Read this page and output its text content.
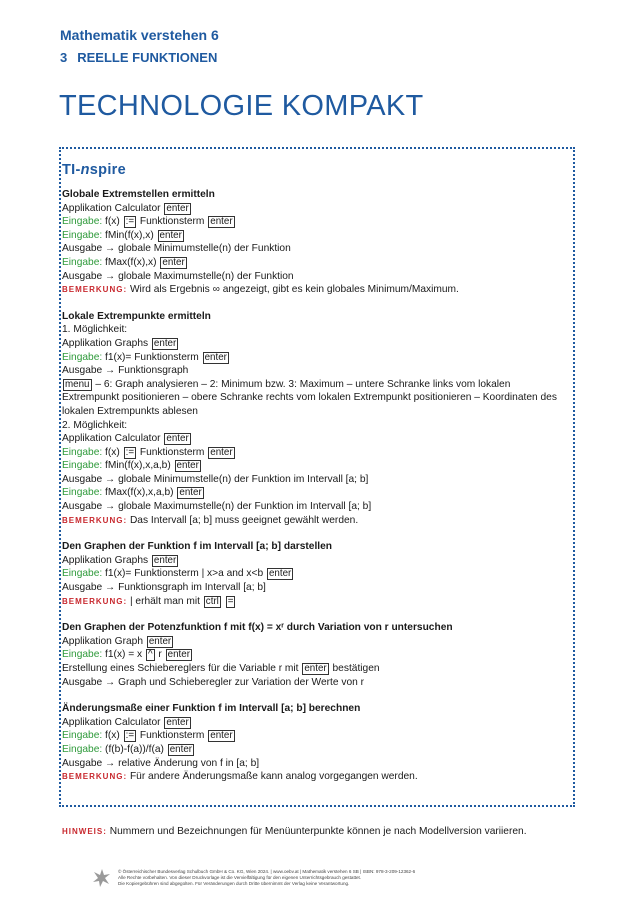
Mathematik verstehen 6
3 REELLE FUNKTIONEN
TECHNOLOGIE KOMPAKT
TI-nspire
Globale Extremstellen ermitteln
Applikation Calculator enter
Eingabe: f(x) := Funktionsterm enter
Eingabe: fMin(f(x),x) enter
Ausgabe → globale Minimumstelle(n) der Funktion
Eingabe: fMax(f(x),x) enter
Ausgabe → globale Maximumstelle(n) der Funktion
BEMERKUNG: Wird als Ergebnis ∞ angezeigt, gibt es kein globales Minimum/Maximum.
Lokale Extrempunkte ermitteln
1. Möglichkeit:
Applikation Graphs enter
Eingabe: f1(x)= Funktionsterm enter
Ausgabe → Funktionsgraph
menu – 6: Graph analysieren – 2: Minimum bzw. 3: Maximum – untere Schranke links vom lokalen Extrempunkt positionieren – obere Schranke rechts vom lokalen Extrempunkt positionieren – Koordinaten des lokalen Extrempunkts ablesen
2. Möglichkeit:
Applikation Calculator enter
Eingabe: f(x) := Funktionsterm enter
Eingabe: fMin(f(x),x,a,b) enter
Ausgabe → globale Minimumstelle(n) der Funktion im Intervall [a; b]
Eingabe: fMax(f(x),x,a,b) enter
Ausgabe → globale Maximumstelle(n) der Funktion im Intervall [a; b]
BEMERKUNG: Das Intervall [a; b] muss geeignet gewählt werden.
Den Graphen der Funktion f im Intervall [a; b] darstellen
Applikation Graphs enter
Eingabe: f1(x)= Funktionsterm | x>a and x<b enter
Ausgabe → Funktionsgraph im Intervall [a; b]
BEMERKUNG: | erhält man mit ctrl =
Den Graphen der Potenzfunktion f mit f(x) = xʳ durch Variation von r untersuchen
Applikation Graph enter
Eingabe: f1(x) = x ^ r enter
Erstellung eines Schiebereglers für die Variable r mit enter bestätigen
Ausgabe → Graph und Schieberegler zur Variation der Werte von r
Änderungsmaße einer Funktion f im Intervall [a; b] berechnen
Applikation Calculator enter
Eingabe: f(x) := Funktionsterm enter
Eingabe: (f(b)-f(a))/f(a) enter
Ausgabe → relative Änderung von f in [a; b]
BEMERKUNG: Für andere Änderungsmaße kann analog vorgegangen werden.
HINWEIS: Nummern und Bezeichnungen für Menüunterpunkte können je nach Modellversion variieren.
© Österreichischer Bundesverlag Schulbuch GmbH & Co. KG, Wien 2024. | www.oebv.at | Mathematik verstehen 6 SB | ISBN: 978-3-209-12362-6
Alle Rechte vorbehalten. Von dieser Druckvorlage ist die Vervielfältigung für den eigenen Unterrichtsgebrauch gestattet.
Die Kopiergebühren sind abgegolten. Für Veränderungen durch Dritte übernimmt der Verlag keine Verantwortung.
